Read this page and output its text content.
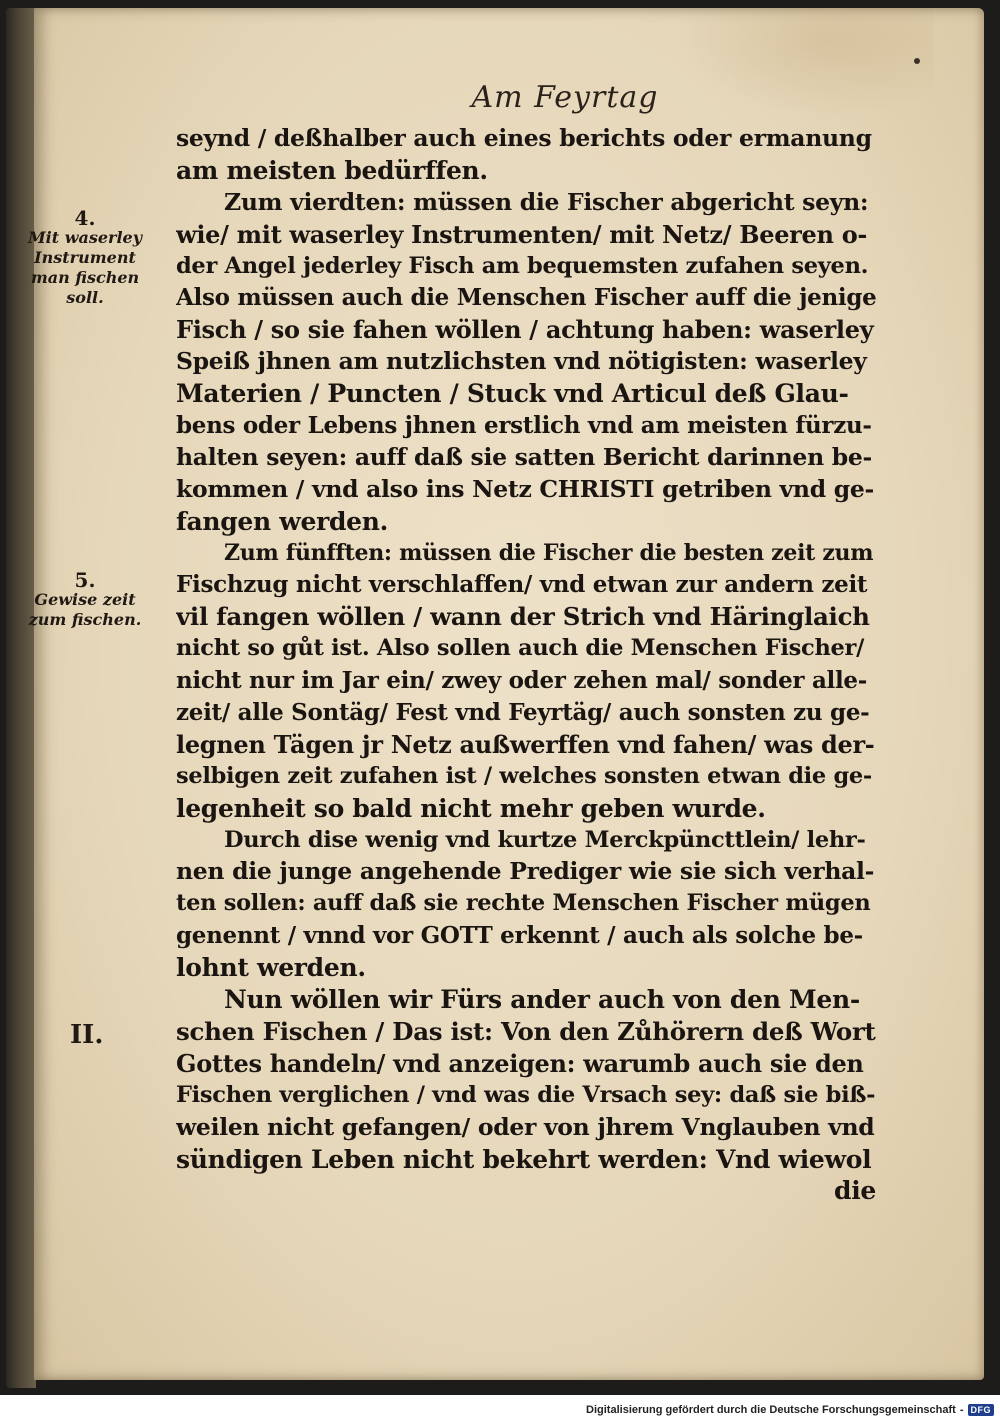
Am Feyrtag
seynd / deßhalber auch eines berichts oder ermanung
am meisten bedürffen.
Zum vierdten: müssen die Fischer abgericht seyn:
wie/ mit waserley Instrumenten/ mit Netz/ Beeren o-
der Angel jederley Fisch am bequemsten zufahen seyen.
Also müssen auch die Menschen Fischer auff die jenige
Fisch / so sie fahen wöllen / achtung haben: waserley
Speiß jhnen am nutzlichsten vnd nötigisten: waserley
Materien / Puncten / Stuck vnd Articul deß Glau-
bens oder Lebens jhnen erstlich vnd am meisten fürzu-
halten seyen: auff daß sie satten Bericht darinnen be-
kommen / vnd also ins Netz CHRISTI getriben vnd ge-
fangen werden.
Zum fünfften: müssen die Fischer die besten zeit zum
Fischzug nicht verschlaffen/ vnd etwan zur andern zeit
vil fangen wöllen / wann der Strich vnd Häringlaich
nicht so gůt ist. Also sollen auch die Menschen Fischer/
nicht nur im Jar ein/ zwey oder zehen mal/ sonder alle-
zeit/ alle Sontäg/ Fest vnd Feyrtäg/ auch sonsten zu ge-
legnen Tägen jr Netz außwerffen vnd fahen/ was der-
selbigen zeit zufahen ist / welches sonsten etwan die ge-
legenheit so bald nicht mehr geben wurde.
Durch dise wenig vnd kurtze Merckpüncttlein/ lehr-
nen die junge angehende Prediger wie sie sich verhal-
ten sollen: auff daß sie rechte Menschen Fischer mügen
genennt / vnnd vor GOTT erkennt / auch als solche be-
lohnt werden.
Nun wöllen wir Fürs ander auch von den Men-
schen Fischen / Das ist: Von den Zůhörern deß Wort
Gottes handeln/ vnd anzeigen: warumb auch sie den
Fischen verglichen / vnd was die Vrsach sey: daß sie biß-
weilen nicht gefangen/ oder von jhrem Vnglauben vnd
sündigen Leben nicht bekehrt werden: Vnd wiewol
die
4.
Mit waserley
Instrument
man fischen
soll.
5.
Gewise zeit
zum fischen.
II.
Digitalisierung gefördert durch die Deutsche Forschungsgemeinschaft - DFG
